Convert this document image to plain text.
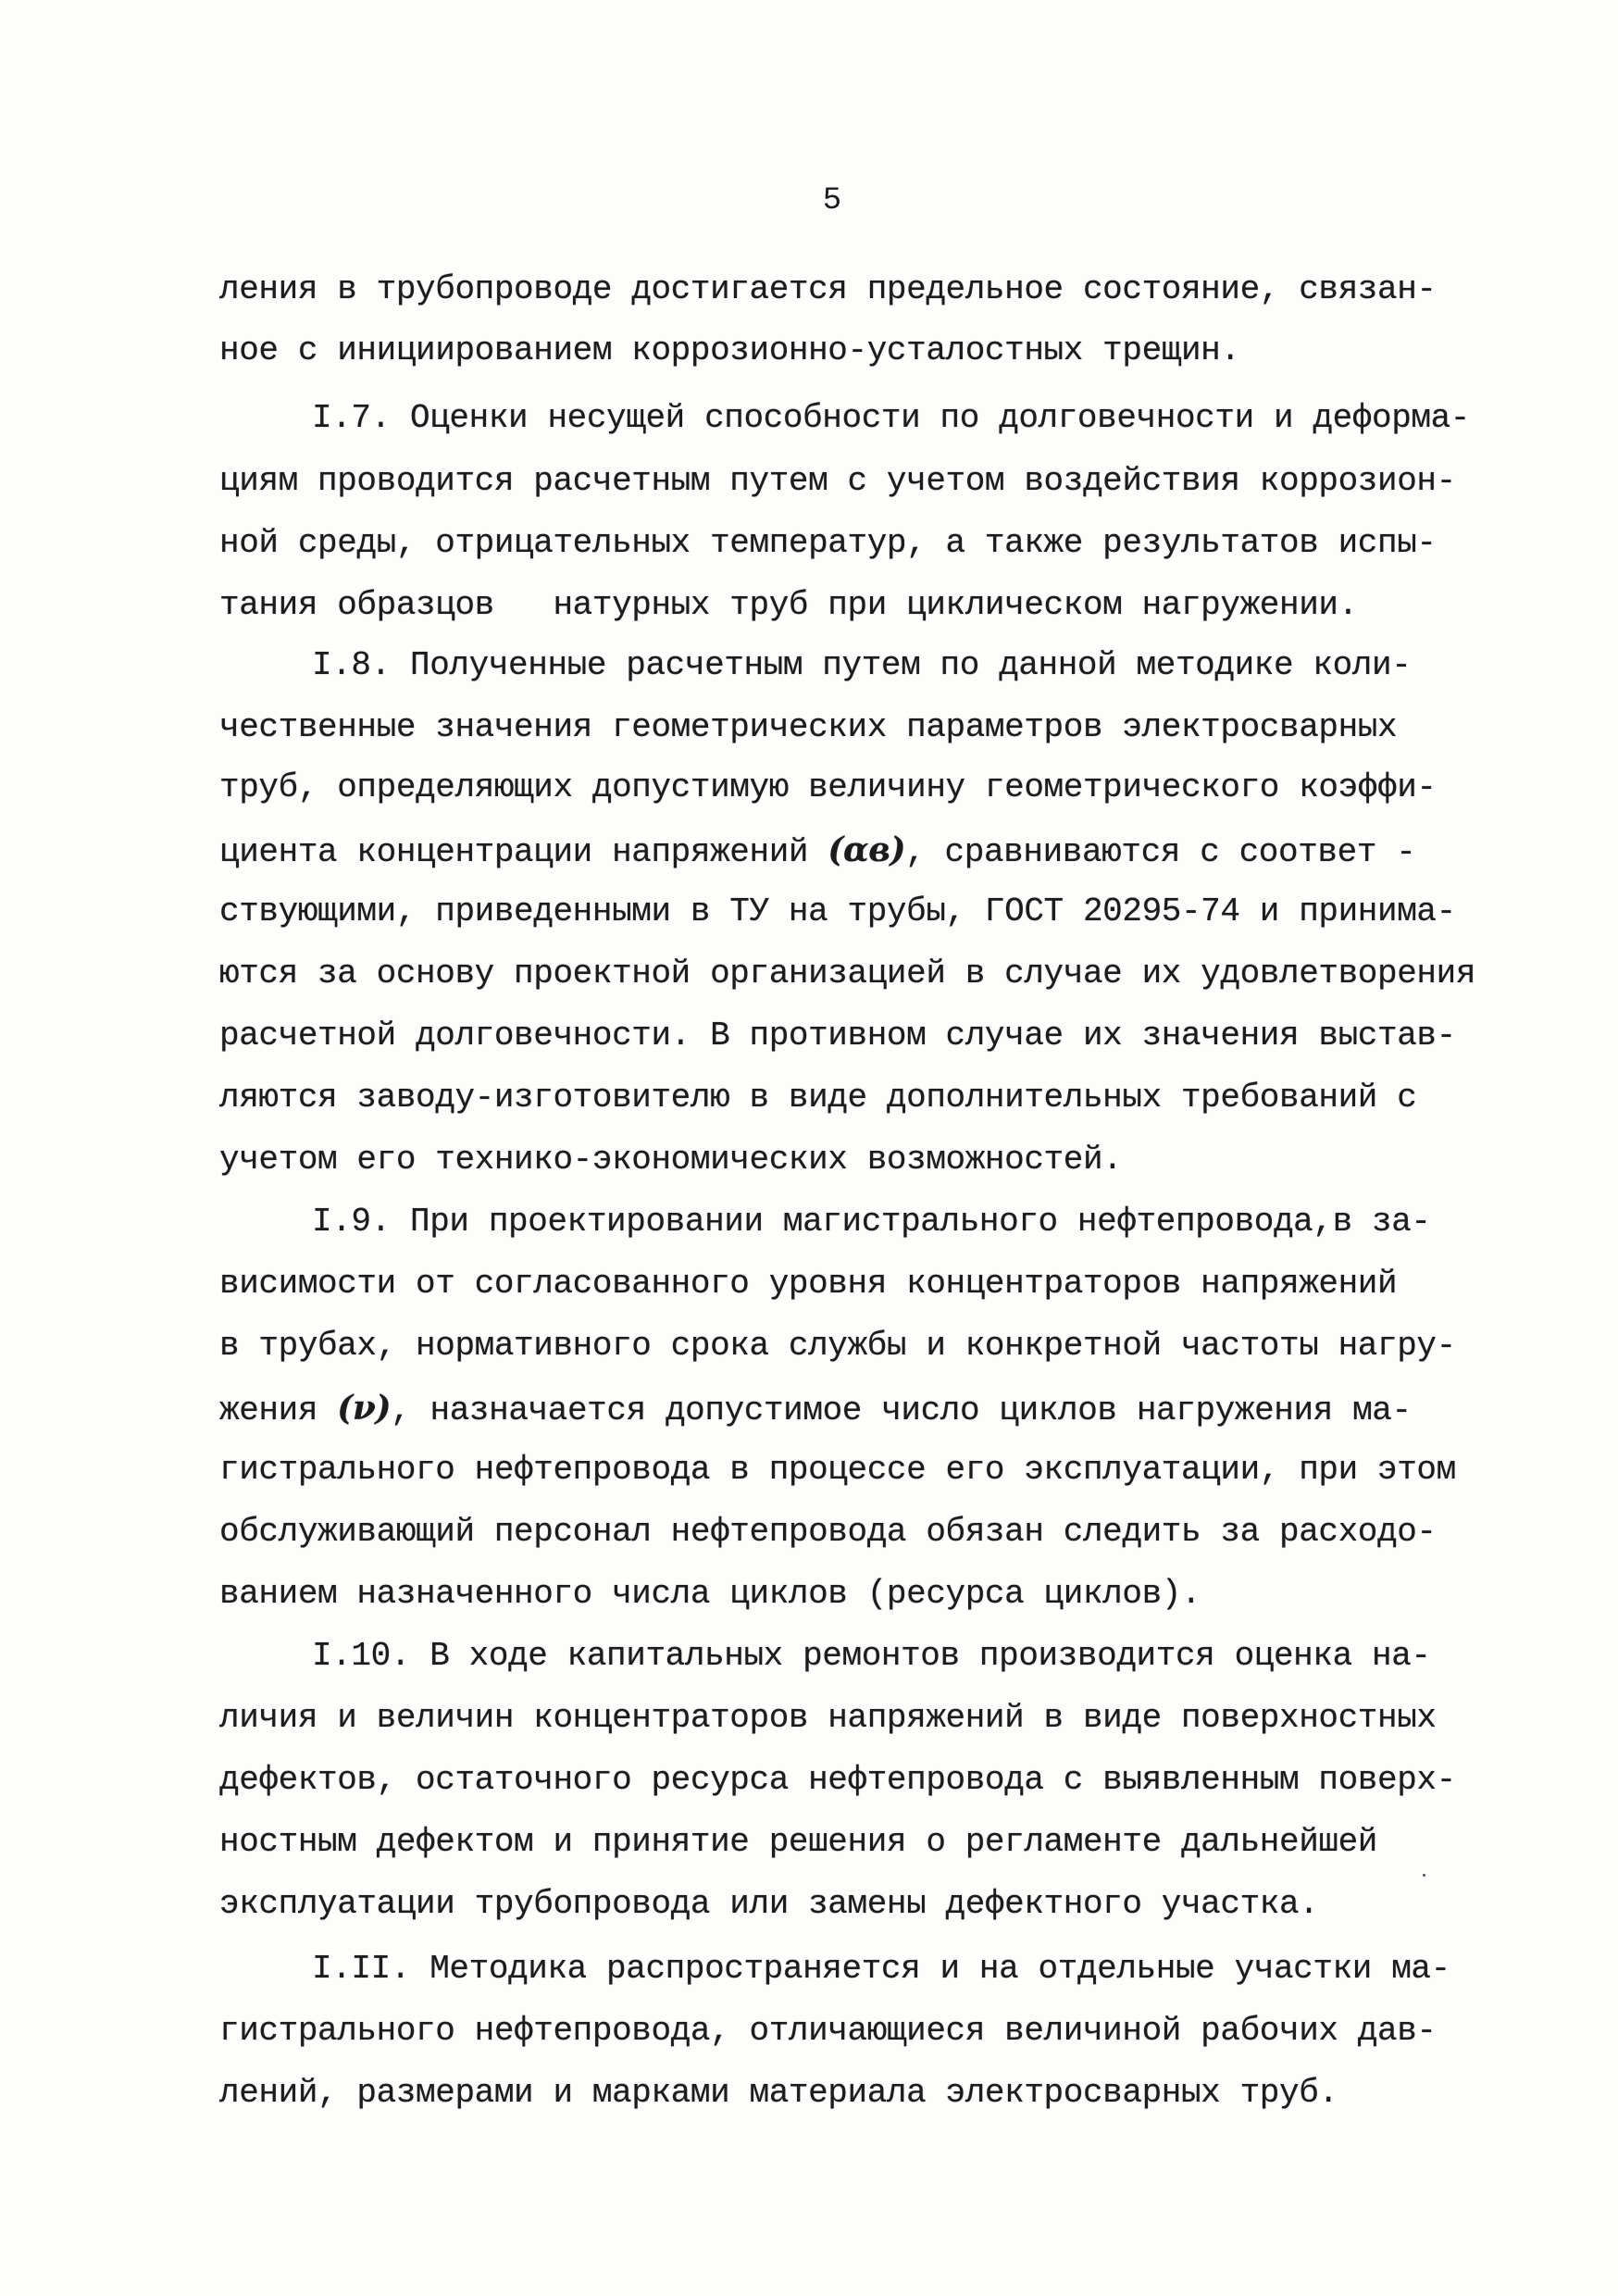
5
ления в трубопроводе достигается предельное состояние, связан-
ное с инициированием коррозионно-усталостных трещин.
I.7. Оценки несущей способности по долговечности и деформа-
циям проводится расчетным путем с учетом воздействия коррозион-
ной среды, отрицательных температур, а также результатов испы-
тания образцов   натурных труб при циклическом нагружении.
I.8. Полученные расчетным путем по данной методике коли-
чественные значения геометрических параметров электросварных
труб, определяющих допустимую величину геометрического коэффи-
циента концентрации напряжений (αв), сравниваются с соответ -
ствующими, приведенными в ТУ на трубы, ГОСТ 20295-74 и принима-
ются за основу проектной организацией в случае их удовлетворения
расчетной долговечности. В противном случае их значения выстав-
ляются заводу-изготовителю в виде дополнительных требований с
учетом его технико-экономических возможностей.
I.9. При проектировании магистрального нефтепровода,в за-
висимости от согласованного уровня концентраторов напряжений
в трубах, нормативного срока службы и конкретной частоты нагру-
жения (ν), назначается допустимое число циклов нагружения ма-
гистрального нефтепровода в процессе его эксплуатации, при этом
обслуживающий персонал нефтепровода обязан следить за расходо-
ванием назначенного числа циклов (ресурса циклов).
I.10. В ходе капитальных ремонтов производится оценка на-
личия и величин концентраторов напряжений в виде поверхностных
дефектов, остаточного ресурса нефтепровода с выявленным поверх-
ностным дефектом и принятие решения о регламенте дальнейшей
эксплуатации трубопровода или замены дефектного участка.
I.II. Методика распространяется и на отдельные участки ма-
гистрального нефтепровода, отличающиеся величиной рабочих дав-
лений, размерами и марками материала электросварных труб.
